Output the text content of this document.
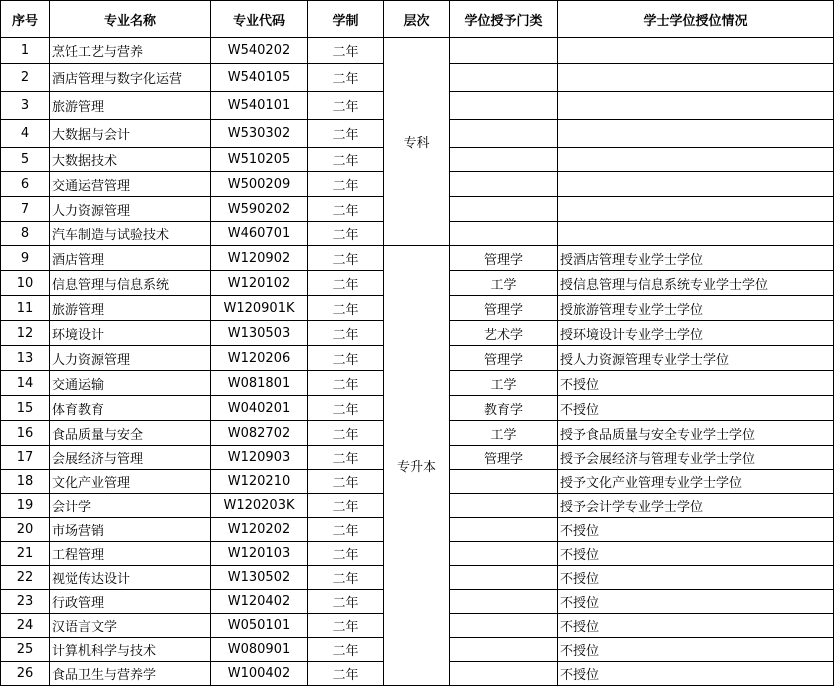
序号	专业名称	专业代码	学制	层次	学位授予门类	学士学位授位情况
1	烹饪工艺与营养	W540202	二年	专科		
2	酒店管理与数字化运营	W540105	二年			
3	旅游管理	W540101	二年			
4	大数据与会计	W530302	二年			
5	大数据技术	W510205	二年			
6	交通运营管理	W500209	二年			
7	人力资源管理	W590202	二年			
8	汽车制造与试验技术	W460701	二年			
9	酒店管理	W120902	二年	专升本	管理学	授酒店管理专业学士学位
10	信息管理与信息系统	W120102	二年		工学	授信息管理与信息系统专业学士学位
11	旅游管理	W120901K	二年		管理学	授旅游管理专业学士学位
12	环境设计	W130503	二年		艺术学	授环境设计专业学士学位
13	人力资源管理	W120206	二年		管理学	授人力资源管理专业学士学位
14	交通运输	W081801	二年		工学	不授位
15	体育教育	W040201	二年		教育学	不授位
16	食品质量与安全	W082702	二年		工学	授予食品质量与安全专业学士学位
17	会展经济与管理	W120903	二年		管理学	授予会展经济与管理专业学士学位
18	文化产业管理	W120210	二年			授予文化产业管理专业学士学位
19	会计学	W120203K	二年			授予会计学专业学士学位
20	市场营销	W120202	二年			不授位
21	工程管理	W120103	二年			不授位
22	视觉传达设计	W130502	二年			不授位
23	行政管理	W120402	二年			不授位
24	汉语言文学	W050101	二年			不授位
25	计算机科学与技术	W080901	二年			不授位
26	食品卫生与营养学	W100402	二年			不授位
